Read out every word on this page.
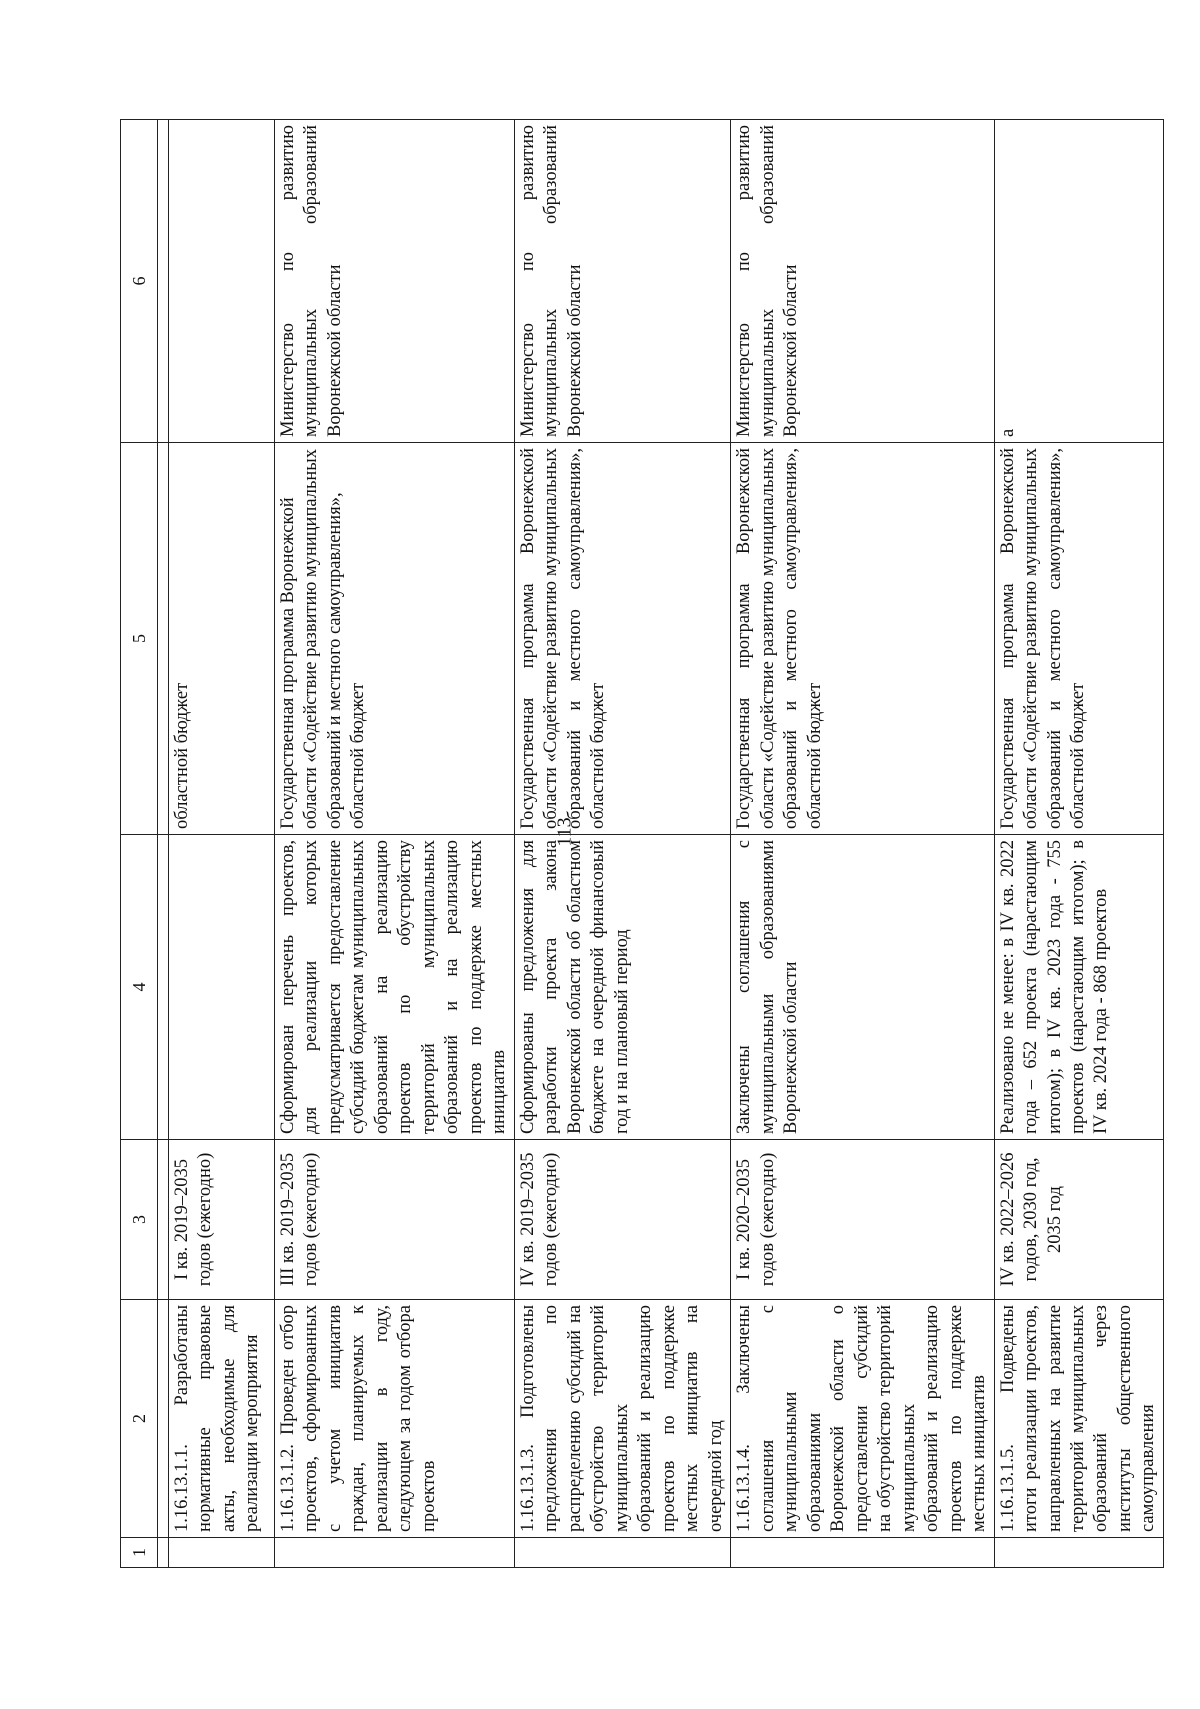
113
1	2	3	4	5	6

	1.16.13.1.1. Разработаны нормативные правовые акты, необходимые для реализации мероприятия	I кв. 2019–2035 годов (ежегодно)		областной бюджет	
	1.16.13.1.2. Проведен отбор проектов, сформированных с учетом инициатив граждан, планируемых к реализации в году, следующем за годом отбора проектов	III кв. 2019–2035 годов (ежегодно)	Сформирован перечень проектов, для реализации которых предусматривается предоставление субсидий бюджетам муниципальных образований на реализацию проектов по обустройству территорий муниципальных образований и на реализацию проектов по поддержке местных инициатив	Государственная программа Воронежской области «Содействие развитию муниципальных образований и местного самоуправления», областной бюджет	Министерство по развитию муниципальных образований Воронежской области
	1.16.13.1.3. Подготовлены предложения по распределению субсидий на обустройство территорий муниципальных образований и реализацию проектов по поддержке местных инициатив на очередной год	IV кв. 2019–2035 годов (ежегодно)	Сформированы предложения для разработки проекта закона Воронежской области об областном бюджете на очередной финансовый год и на плановый период	Государственная программа Воронежской области «Содействие развитию муниципальных образований и местного самоуправления», областной бюджет	Министерство по развитию муниципальных образований Воронежской области
	1.16.13.1.4. Заключены соглашения с муниципальными образованиями Воронежской области о предоставлении субсидий на обустройство территорий муниципальных образований и реализацию проектов по поддержке местных инициатив	I кв. 2020–2035 годов (ежегодно)	Заключены соглашения с муниципальными образованиями Воронежской области	Государственная программа Воронежской области «Содействие развитию муниципальных образований и местного самоуправления», областной бюджет	Министерство по развитию муниципальных образований Воронежской области
	1.16.13.1.5. Подведены итоги реализации проектов, направленных на развитие территорий муниципальных образований через институты общественного самоуправления	IV кв. 2022–2026 годов, 2030 год, 2035 год	Реализовано не менее: в IV кв. 2022 года – 652 проекта (нарастающим итогом); в IV кв. 2023 года - 755 проектов (нарастающим итогом); в IV кв. 2024 года - 868 проектов	Государственная программа Воронежской области «Содействие развитию муниципальных образований и местного самоуправления», областной бюджет	а
